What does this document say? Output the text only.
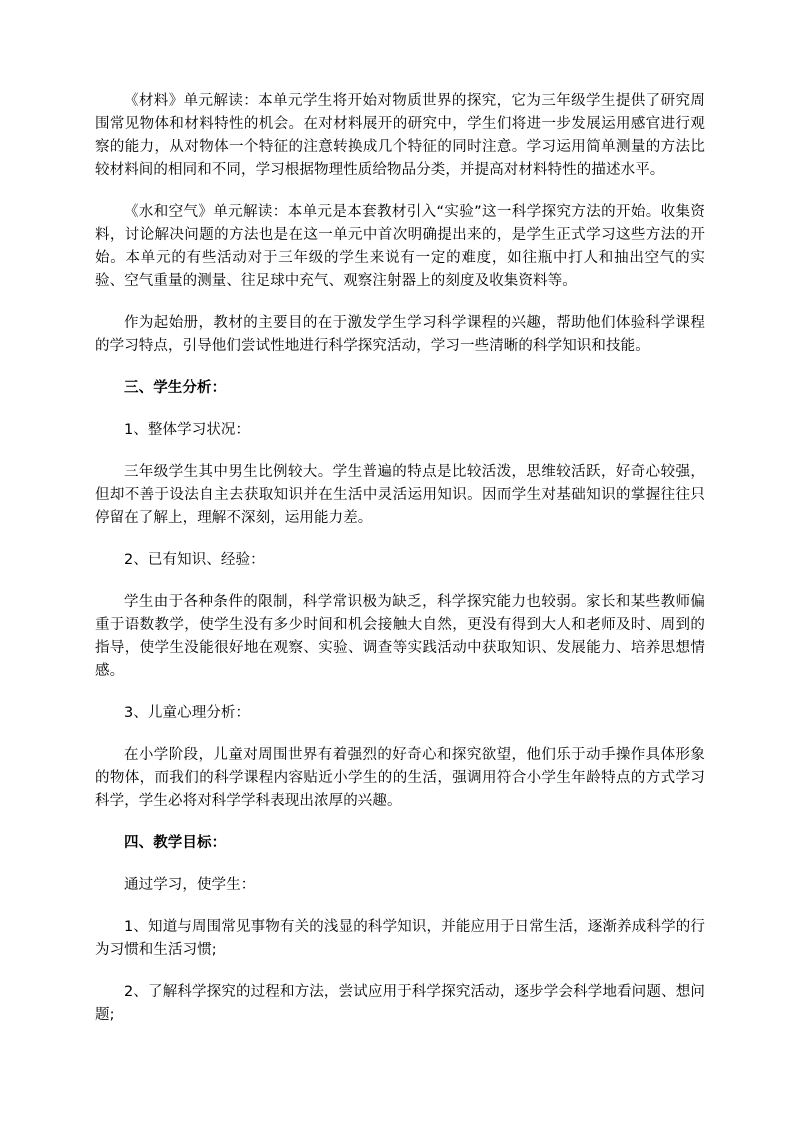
《材料》单元解读：本单元学生将开始对物质世界的探究，它为三年级学生提供了研究周围常见物体和材料特性的机会。在对材料展开的研究中，学生们将进一步发展运用感官进行观察的能力，从对物体一个特征的注意转换成几个特征的同时注意。学习运用简单测量的方法比较材料间的相同和不同，学习根据物理性质给物品分类，并提高对材料特性的描述水平。

《水和空气》单元解读：本单元是本套教材引入“实验”这一科学探究方法的开始。收集资料，讨论解决问题的方法也是在这一单元中首次明确提出来的，是学生正式学习这些方法的开始。本单元的有些活动对于三年级的学生来说有一定的难度，如往瓶中打人和抽出空气的实验、空气重量的测量、往足球中充气、观察注射器上的刻度及收集资料等。

作为起始册，教材的主要目的在于激发学生学习科学课程的兴趣，帮助他们体验科学课程的学习特点，引导他们尝试性地进行科学探究活动，学习一些清晰的科学知识和技能。

三、学生分析：

1、整体学习状况：

三年级学生其中男生比例较大。学生普遍的特点是比较活泼，思维较活跃，好奇心较强，但却不善于设法自主去获取知识并在生活中灵活运用知识。因而学生对基础知识的掌握往往只停留在了解上，理解不深刻，运用能力差。

2、已有知识、经验：

学生由于各种条件的限制，科学常识极为缺乏，科学探究能力也较弱。家长和某些教师偏重于语数教学，使学生没有多少时间和机会接触大自然，更没有得到大人和老师及时、周到的指导，使学生没能很好地在观察、实验、调查等实践活动中获取知识、发展能力、培养思想情感。

3、儿童心理分析：

在小学阶段，儿童对周围世界有着强烈的好奇心和探究欲望，他们乐于动手操作具体形象的物体，而我们的科学课程内容贴近小学生的的生活，强调用符合小学生年龄特点的方式学习科学，学生必将对科学学科表现出浓厚的兴趣。

四、教学目标：

通过学习，使学生：

1、知道与周围常见事物有关的浅显的科学知识，并能应用于日常生活，逐渐养成科学的行为习惯和生活习惯;

2、了解科学探究的过程和方法，尝试应用于科学探究活动，逐步学会科学地看问题、想问题;
